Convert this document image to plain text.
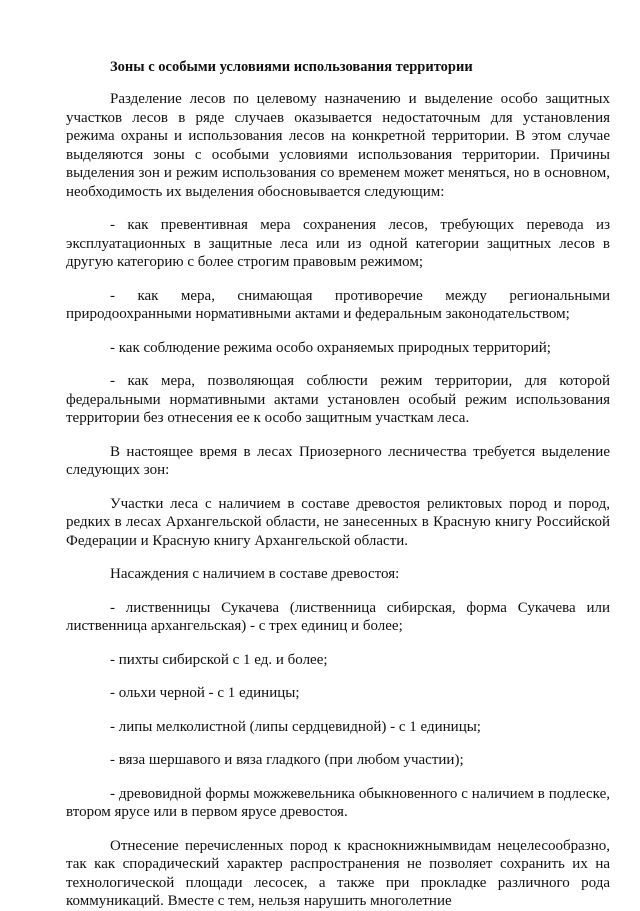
Зоны с особыми условиями использования территории

Разделение лесов по целевому назначению и выделение особо защитных участков лесов в ряде случаев оказывается недостаточным для установления режима охраны и использования лесов на конкретной территории. В этом случае выделяются зоны с особыми условиями использования территории. Причины выделения зон и режим использования со временем может меняться, но в основном, необходимость их выделения обосновывается следующим:

- как превентивная мера сохранения лесов, требующих перевода из эксплуатационных в защитные леса или из одной категории защитных лесов в другую категорию с более строгим правовым режимом;

- как мера, снимающая противоречие между региональными природоохранными нормативными актами и федеральным законодательством;

- как соблюдение режима особо охраняемых природных территорий;

- как мера, позволяющая соблюсти режим территории, для которой федеральными нормативными актами установлен особый режим использования территории без отнесения ее к особо защитным участкам леса.

В настоящее время в лесах Приозерного лесничества требуется выделение следующих зон:

Участки леса с наличием в составе древостоя реликтовых пород и пород, редких в лесах Архангельской области, не занесенных в Красную книгу Российской Федерации и Красную книгу Архангельской области.

Насаждения с наличием в составе древостоя:

- лиственницы Сукачева (лиственница сибирская, форма Сукачева или лиственница архангельская) - с трех единиц и более;

- пихты сибирской с 1 ед. и более;

- ольхи черной - с 1 единицы;

- липы мелколистной (липы сердцевидной) - с 1 единицы;

- вяза шершавого и вяза гладкого (при любом участии);

- древовидной формы можжевельника обыкновенного с наличием в подлеске, втором ярусе или в первом ярусе древостоя.

Отнесение перечисленных пород к краснокнижнымвидам нецелесообразно, так как спорадический характер распространения не позволяет сохранить их на технологической площади лесосек, а также при прокладке различного рода коммуникаций. Вместе с тем, нельзя нарушить многолетние
